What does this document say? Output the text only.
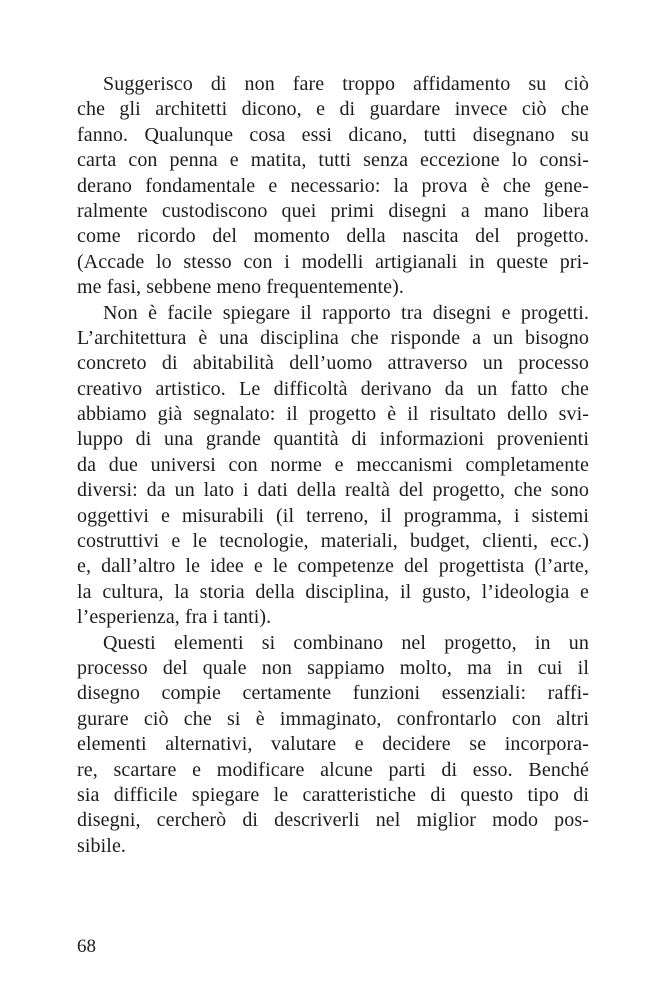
Suggerisco di non fare troppo affidamento su ciò
che gli architetti dicono, e di guardare invece ciò che
fanno. Qualunque cosa essi dicano, tutti disegnano su
carta con penna e matita, tutti senza eccezione lo consi-
derano fondamentale e necessario: la prova è che gene-
ralmente custodiscono quei primi disegni a mano libera
come ricordo del momento della nascita del progetto.
(Accade lo stesso con i modelli artigianali in queste pri-
me fasi, sebbene meno frequentemente).
Non è facile spiegare il rapporto tra disegni e progetti.
L’architettura è una disciplina che risponde a un bisogno
concreto di abitabilità dell’uomo attraverso un processo
creativo artistico. Le difficoltà derivano da un fatto che
abbiamo già segnalato: il progetto è il risultato dello svi-
luppo di una grande quantità di informazioni provenienti
da due universi con norme e meccanismi completamente
diversi: da un lato i dati della realtà del progetto, che sono
oggettivi e misurabili (il terreno, il programma, i sistemi
costruttivi e le tecnologie, materiali, budget, clienti, ecc.)
e, dall’altro le idee e le competenze del progettista (l’arte,
la cultura, la storia della disciplina, il gusto, l’ideologia e
l’esperienza, fra i tanti).
Questi elementi si combinano nel progetto, in un
processo del quale non sappiamo molto, ma in cui il
disegno compie certamente funzioni essenziali: raffi-
gurare ciò che si è immaginato, confrontarlo con altri
elementi alternativi, valutare e decidere se incorpora-
re, scartare e modificare alcune parti di esso. Benché
sia difficile spiegare le caratteristiche di questo tipo di
disegni, cercherò di descriverli nel miglior modo pos-
sibile.
68
